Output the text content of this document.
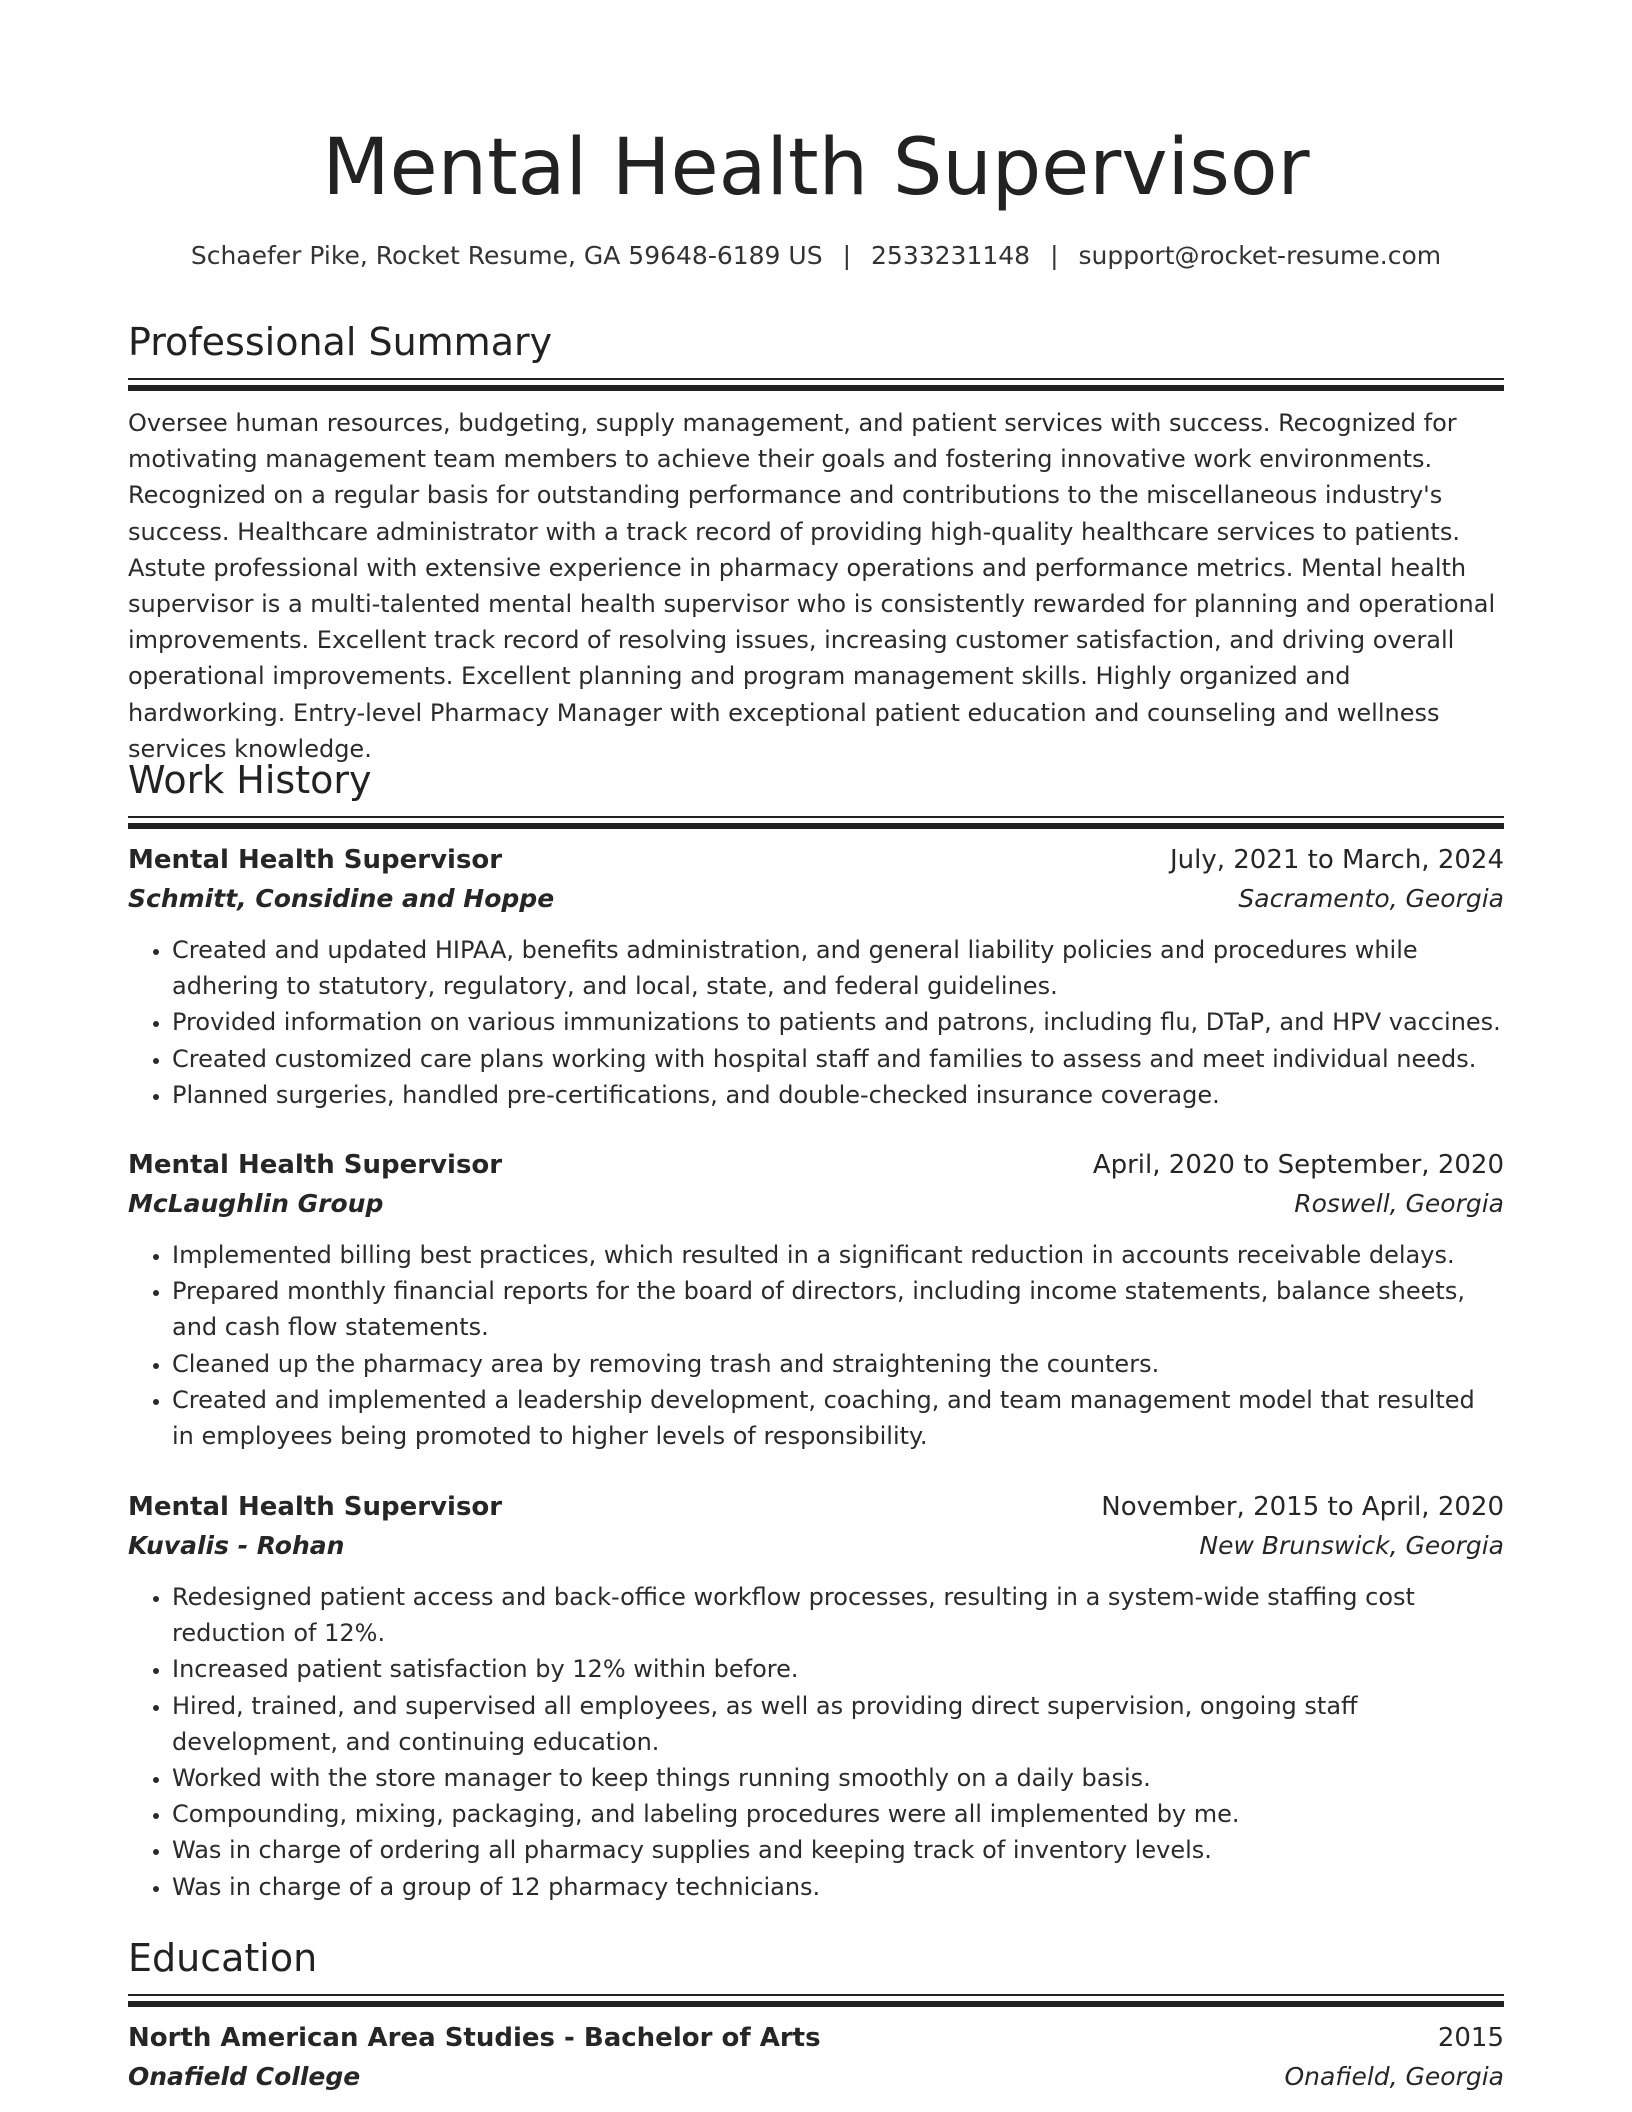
Mental Health Supervisor
Schaefer Pike, Rocket Resume, GA 59648-6189 US | 2533231148 | support@rocket-resume.com
Professional Summary
Oversee human resources, budgeting, supply management, and patient services with success. Recognized for motivating management team members to achieve their goals and fostering innovative work environments. Recognized on a regular basis for outstanding performance and contributions to the miscellaneous industry's success. Healthcare administrator with a track record of providing high-quality healthcare services to patients. Astute professional with extensive experience in pharmacy operations and performance metrics. Mental health supervisor is a multi-talented mental health supervisor who is consistently rewarded for planning and operational improvements. Excellent track record of resolving issues, increasing customer satisfaction, and driving overall operational improvements. Excellent planning and program management skills. Highly organized and hardworking. Entry-level Pharmacy Manager with exceptional patient education and counseling and wellness services knowledge.
Work History
Mental Health Supervisor	July, 2021 to March, 2024
Schmitt, Considine and Hoppe	Sacramento, Georgia
• Created and updated HIPAA, benefits administration, and general liability policies and procedures while adhering to statutory, regulatory, and local, state, and federal guidelines.
• Provided information on various immunizations to patients and patrons, including flu, DTaP, and HPV vaccines.
• Created customized care plans working with hospital staff and families to assess and meet individual needs.
• Planned surgeries, handled pre-certifications, and double-checked insurance coverage.
Mental Health Supervisor	April, 2020 to September, 2020
McLaughlin Group	Roswell, Georgia
• Implemented billing best practices, which resulted in a significant reduction in accounts receivable delays.
• Prepared monthly financial reports for the board of directors, including income statements, balance sheets, and cash flow statements.
• Cleaned up the pharmacy area by removing trash and straightening the counters.
• Created and implemented a leadership development, coaching, and team management model that resulted in employees being promoted to higher levels of responsibility.
Mental Health Supervisor	November, 2015 to April, 2020
Kuvalis - Rohan	New Brunswick, Georgia
• Redesigned patient access and back-office workflow processes, resulting in a system-wide staffing cost reduction of 12%.
• Increased patient satisfaction by 12% within before.
• Hired, trained, and supervised all employees, as well as providing direct supervision, ongoing staff development, and continuing education.
• Worked with the store manager to keep things running smoothly on a daily basis.
• Compounding, mixing, packaging, and labeling procedures were all implemented by me.
• Was in charge of ordering all pharmacy supplies and keeping track of inventory levels.
• Was in charge of a group of 12 pharmacy technicians.
Education
North American Area Studies - Bachelor of Arts	2015
Onafield College	Onafield, Georgia
